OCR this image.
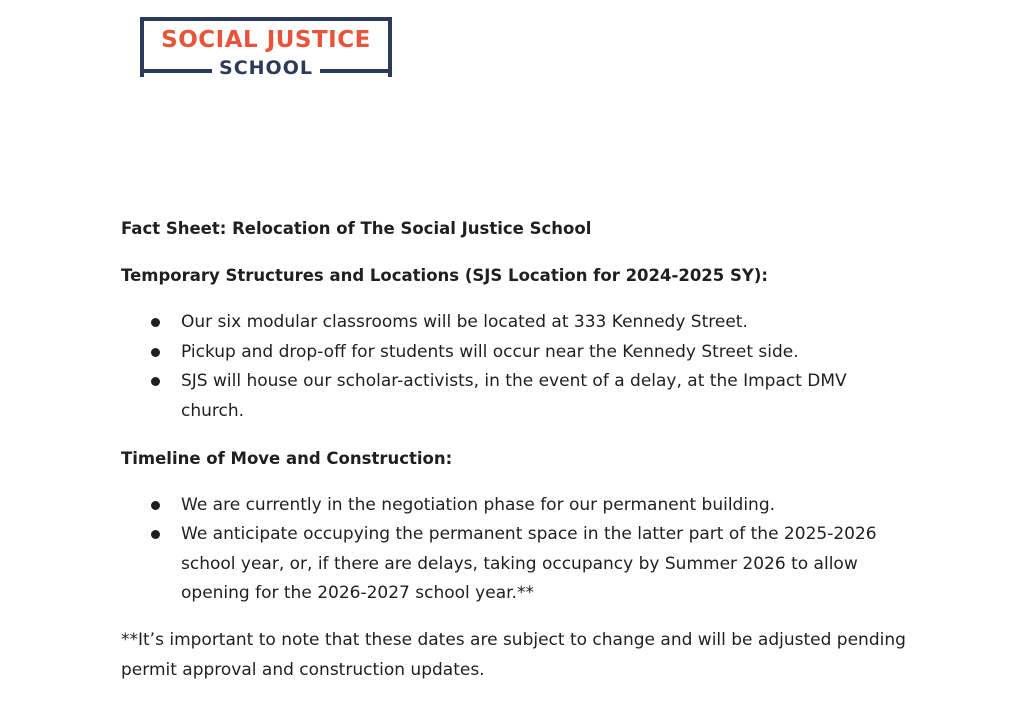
SOCIAL JUSTICE
SCHOOL

Fact Sheet: Relocation of The Social Justice School

Temporary Structures and Locations (SJS Location for 2024-2025 SY):

Our six modular classrooms will be located at 333 Kennedy Street.
Pickup and drop-off for students will occur near the Kennedy Street side.
SJS will house our scholar-activists, in the event of a delay, at the Impact DMV church.

Timeline of Move and Construction:

We are currently in the negotiation phase for our permanent building.
We anticipate occupying the permanent space in the latter part of the 2025-2026 school year, or, if there are delays, taking occupancy by Summer 2026 to allow opening for the 2026-2027 school year.**

**It’s important to note that these dates are subject to change and will be adjusted pending permit approval and construction updates.
